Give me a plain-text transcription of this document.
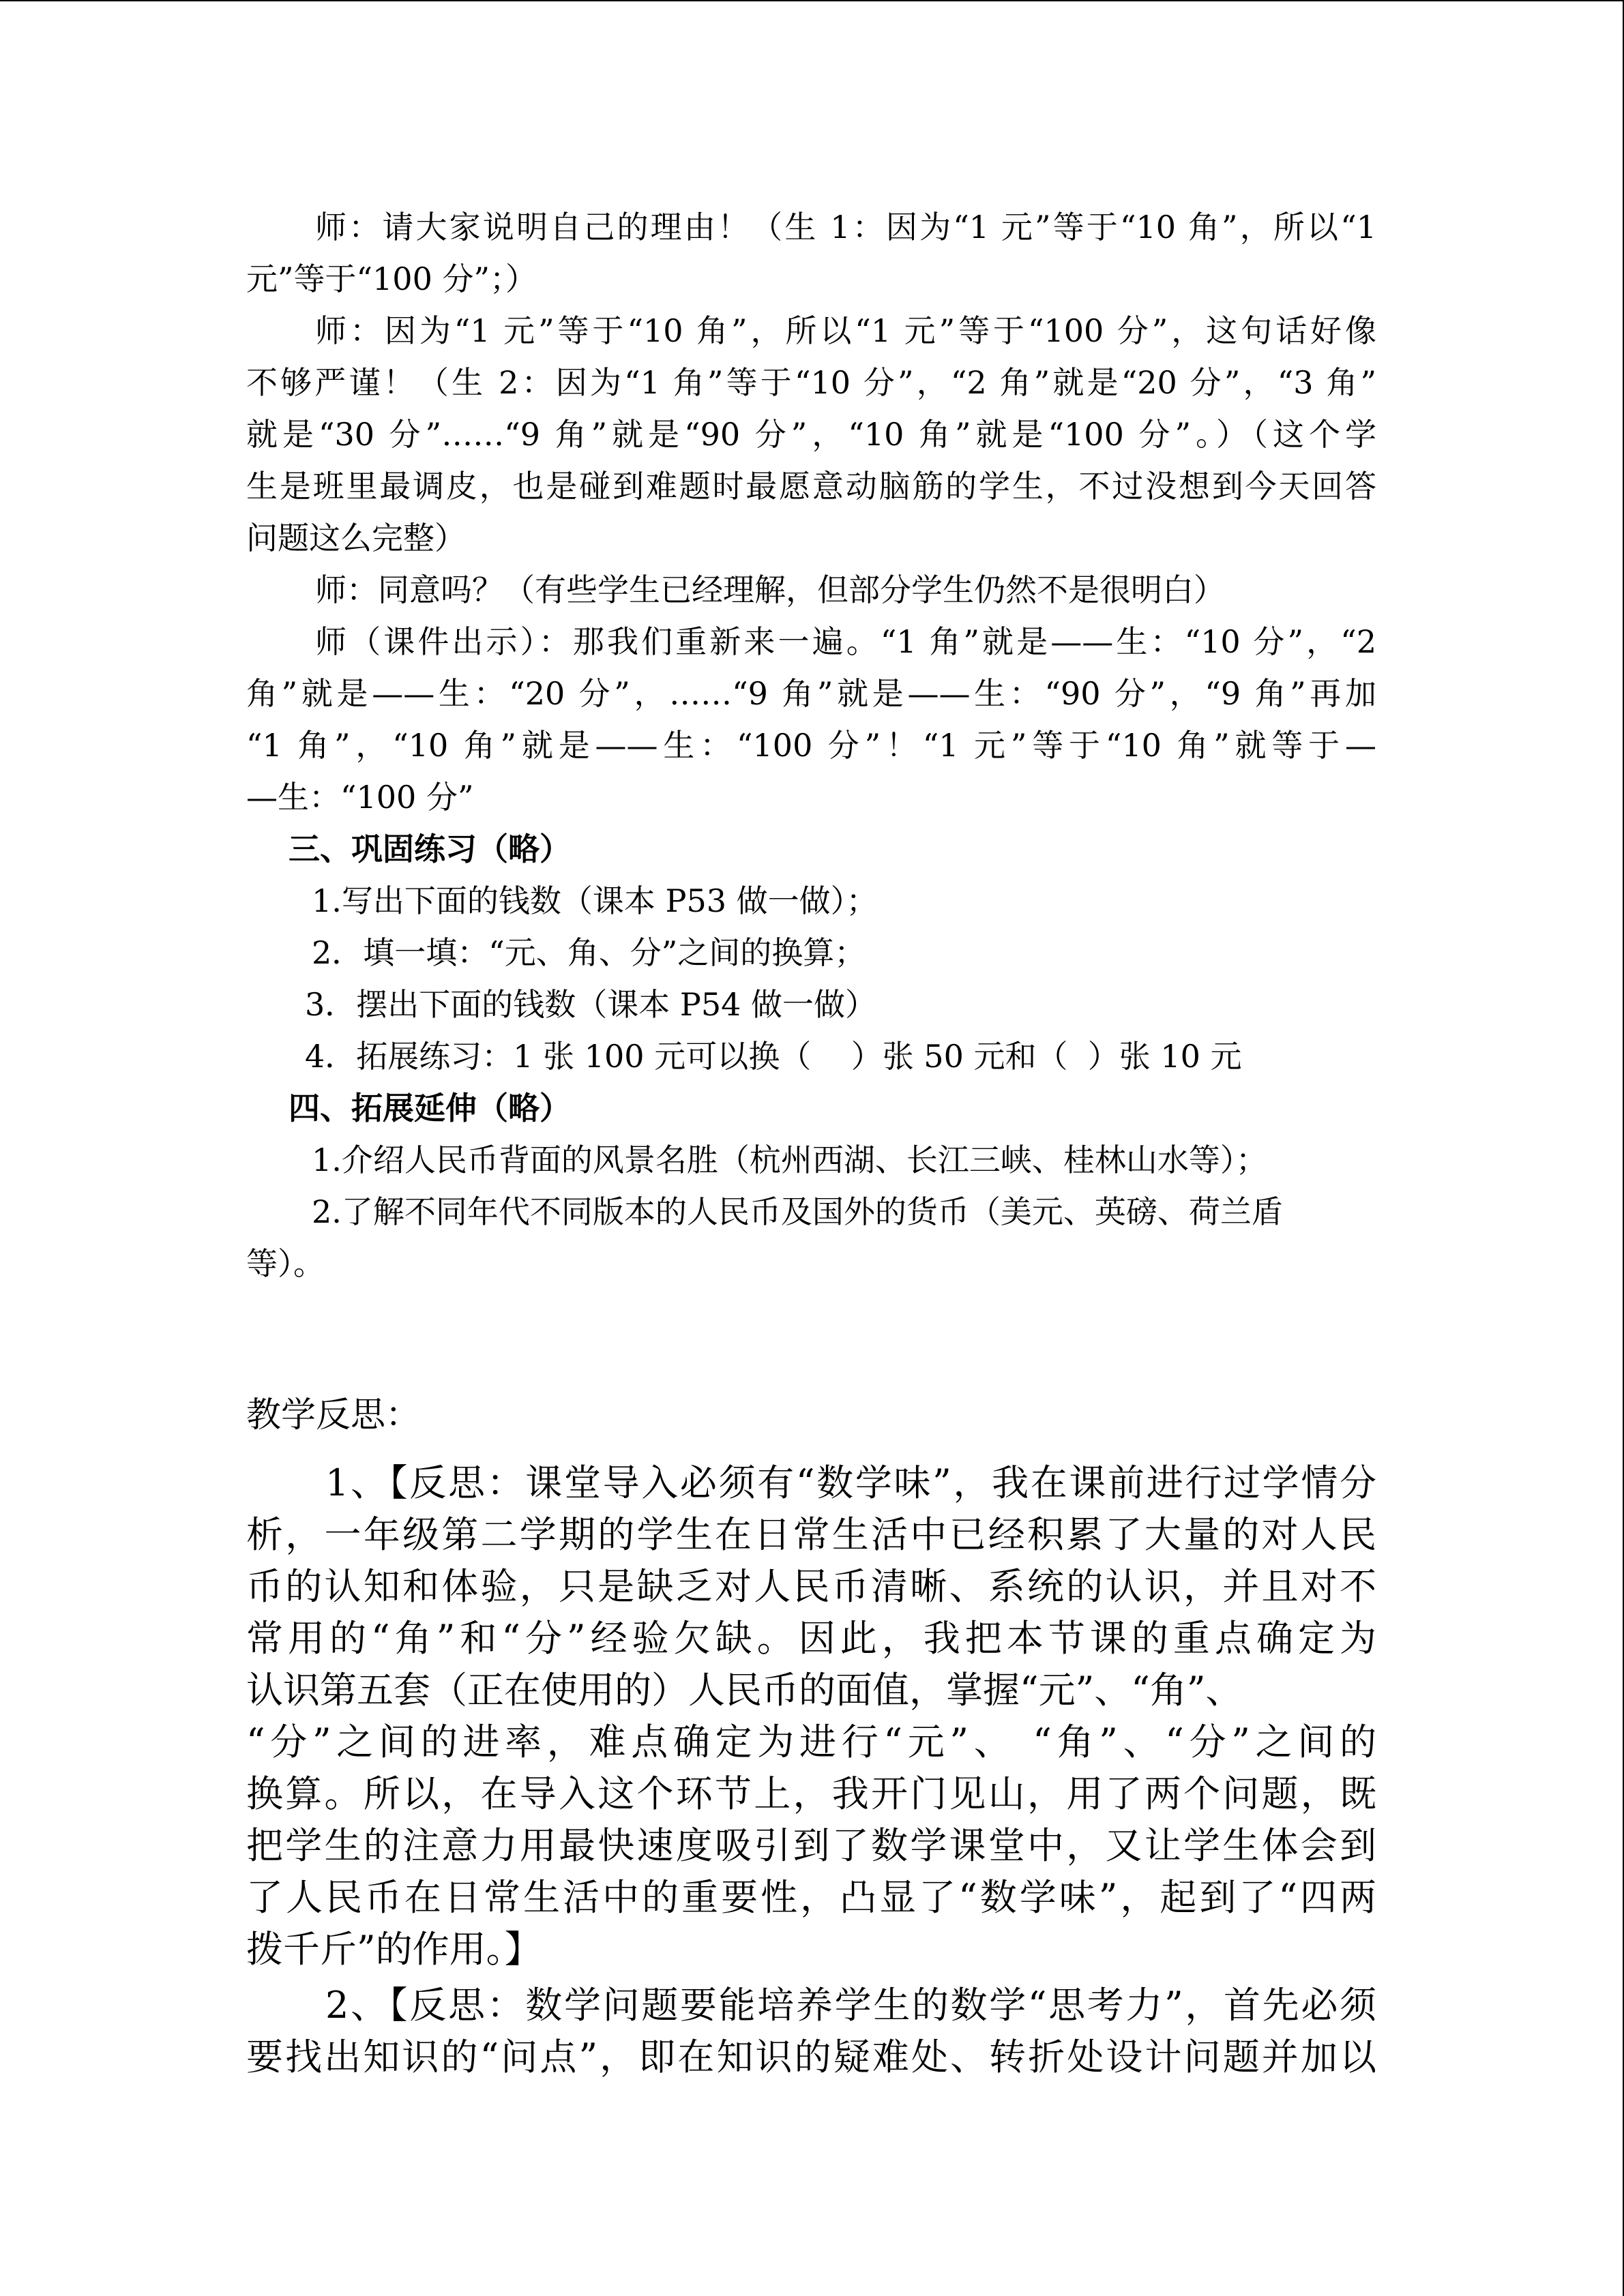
师：请大家说明自己的理由！（生 1：因为“1 元”等于“10 角”，所以“1
元”等于“100 分”；）
师：因为“1 元”等于“10 角”，所以“1 元”等于“100 分”，这句话好像
不够严谨！（生 2：因为“1 角”等于“10 分”，“2 角”就是“20 分”，“3 角”
就是“30 分”……“9 角”就是“90 分”，“10 角”就是“100 分”。）（这个学
生是班里最调皮，也是碰到难题时最愿意动脑筋的学生，不过没想到今天回答
问题这么完整）
师：同意吗？（有些学生已经理解，但部分学生仍然不是很明白）
师（课件出示）：那我们重新来一遍。“1 角”就是——生：“10 分”，“2
角”就是——生：“20 分”，……“9 角”就是——生：“90 分”，“9 角”再加
“1 角”，“10 角”就是——生：“100 分”！“1 元”等于“10 角”就等于—
—生：“100 分”
三、巩固练习（略）
1.写出下面的钱数（课本 P53 做一做）；
2．填一填：“元、角、分”之间的换算；
3．摆出下面的钱数（课本 P54 做一做）
4．拓展练习：1 张 100 元可以换（    ）张 50 元和（  ）张 10 元
四、拓展延伸（略）
1.介绍人民币背面的风景名胜（杭州西湖、长江三峡、桂林山水等）；
2.了解不同年代不同版本的人民币及国外的货币（美元、英磅、荷兰盾
等）。
教学反思：
1、【反思：课堂导入必须有“数学味”，我在课前进行过学情分
析，一年级第二学期的学生在日常生活中已经积累了大量的对人民
币的认知和体验，只是缺乏对人民币清晰、系统的认识，并且对不
常用的“角”和“分”经验欠缺。因此，我把本节课的重点确定为
认识第五套（正在使用的）人民币的面值，掌握“元”、“角”、
“分”之间的进率，难点确定为进行“元”、 “角”、“分”之间的
换算。所以，在导入这个环节上，我开门见山，用了两个问题，既
把学生的注意力用最快速度吸引到了数学课堂中，又让学生体会到
了人民币在日常生活中的重要性，凸显了“数学味”，起到了“四两
拨千斤”的作用。】
2、【反思：数学问题要能培养学生的数学“思考力”，首先必须
要找出知识的“问点”，即在知识的疑难处、转折处设计问题并加以
